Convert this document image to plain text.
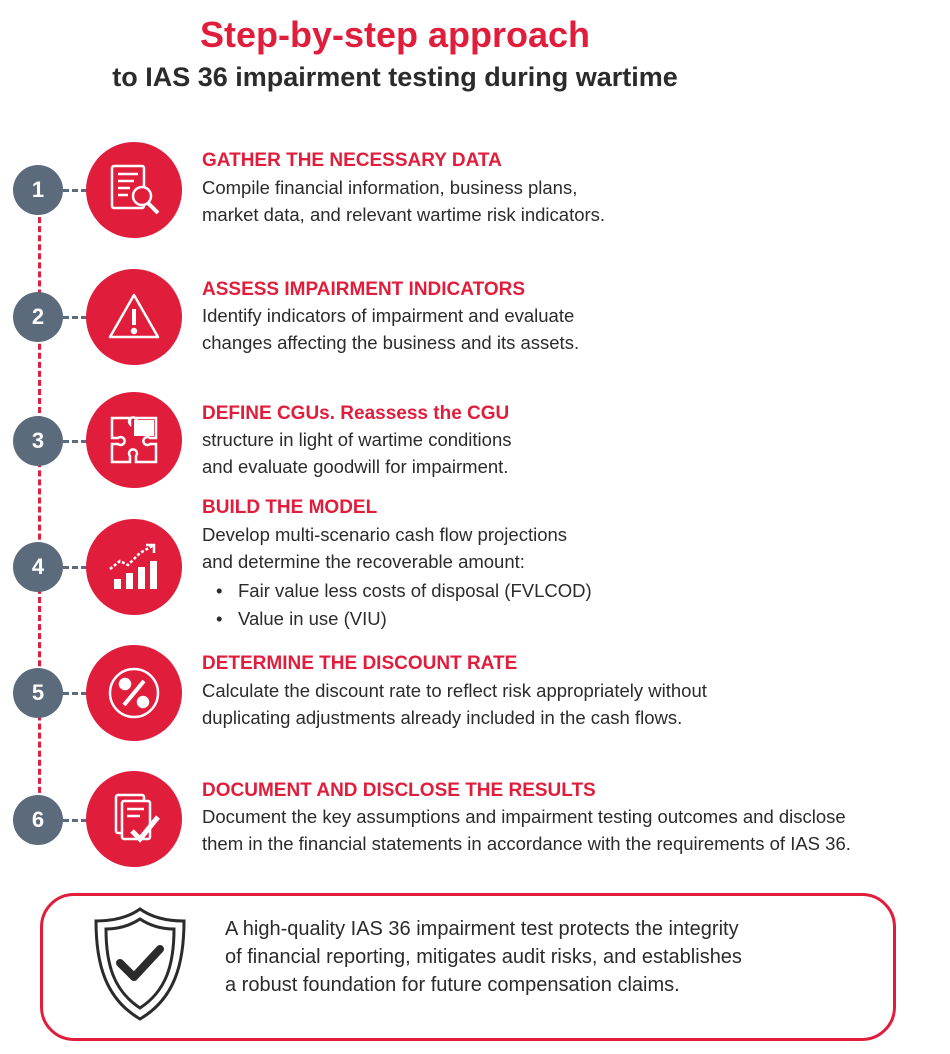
Step-by-step approach
to IAS 36 impairment testing during wartime
1
GATHER THE NECESSARY DATA
Compile financial information, business plans,
market data, and relevant wartime risk indicators.
2
ASSESS IMPAIRMENT INDICATORS
Identify indicators of impairment and evaluate
changes affecting the business and its assets.
3
DEFINE CGUs. Reassess the CGU
structure in light of wartime conditions
and evaluate goodwill for impairment.
4
BUILD THE MODEL
Develop multi-scenario cash flow projections
and determine the recoverable amount:
• Fair value less costs of disposal (FVLCOD)
• Value in use (VIU)
5
DETERMINE THE DISCOUNT RATE
Calculate the discount rate to reflect risk appropriately without
duplicating adjustments already included in the cash flows.
6
DOCUMENT AND DISCLOSE THE RESULTS
Document the key assumptions and impairment testing outcomes and disclose
them in the financial statements in accordance with the requirements of IAS 36.
A high-quality IAS 36 impairment test protects the integrity
of financial reporting, mitigates audit risks, and establishes
a robust foundation for future compensation claims.
